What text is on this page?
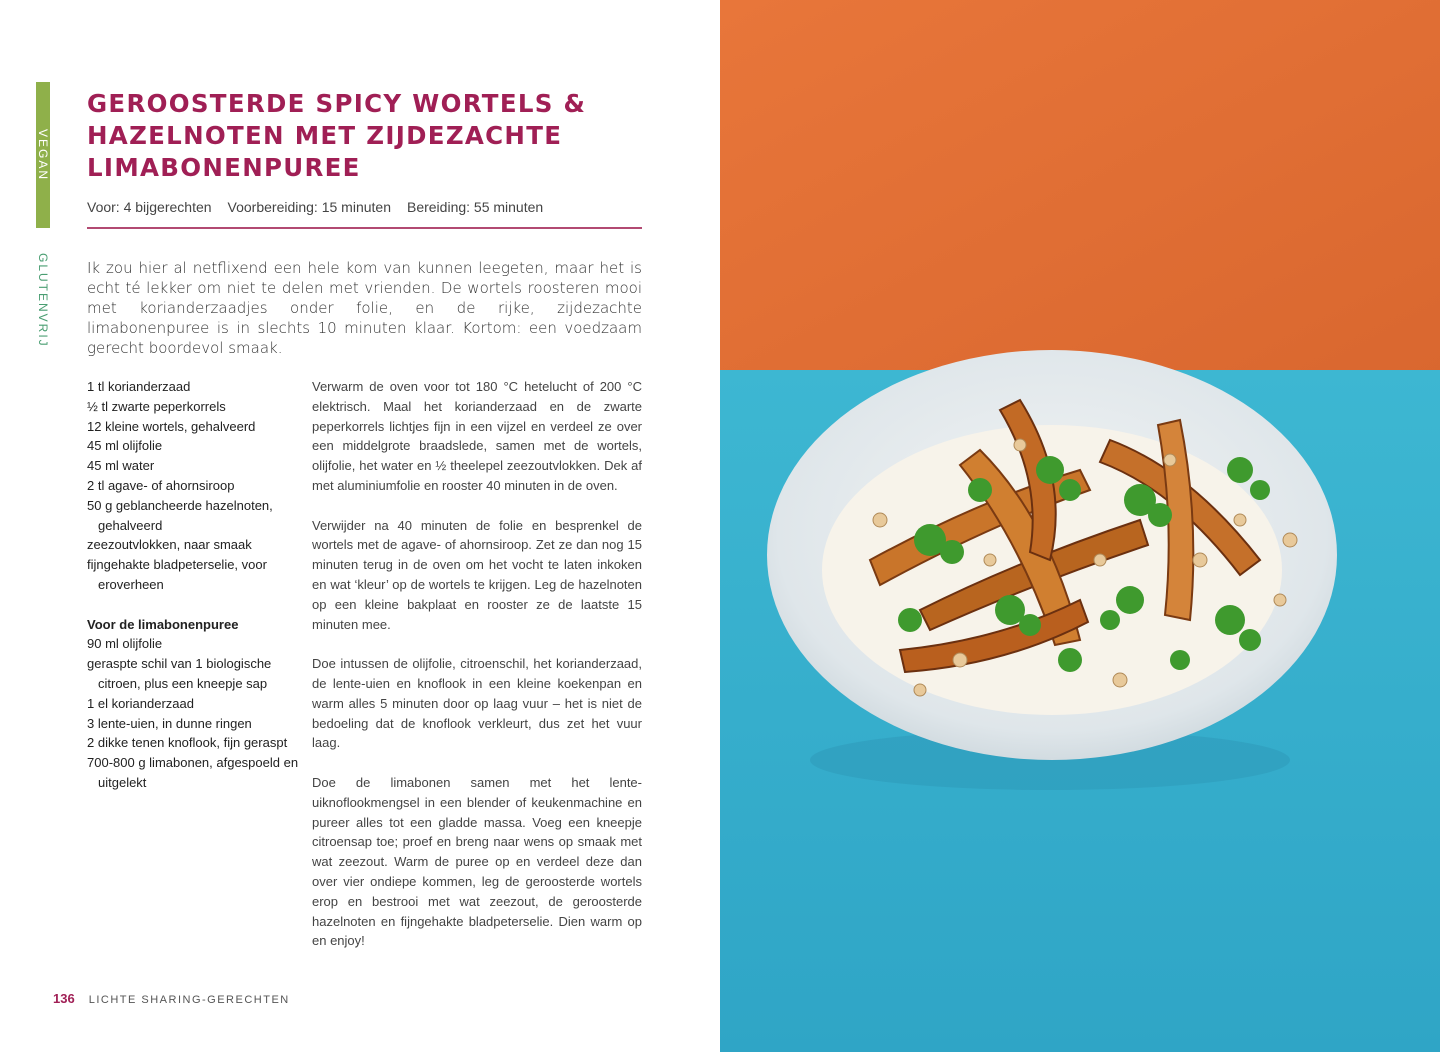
VEGAN
GLUTENVRIJ
GEROOSTERDE SPICY WORTELS & HAZELNOTEN MET ZIJDEZACHTE LIMABONENPUREE
Voor: 4 bijgerechten Voorbereiding: 15 minuten Bereiding: 55 minuten
Ik zou hier al netflixend een hele kom van kunnen leegeten, maar het is echt té lekker om niet te delen met vrienden. De wortels roosteren mooi met korianderzaadjes onder folie, en de rijke, zijdezachte limabonenpuree is in slechts 10 minuten klaar. Kortom: een voedzaam gerecht boordevol smaak.
1 tl korianderzaad
½ tl zwarte peperkorrels
12 kleine wortels, gehalveerd
45 ml olijfolie
45 ml water
2 tl agave- of ahornsiroop
50 g geblancheerde hazelnoten, gehalveerd
zeezoutvlokken, naar smaak
fijngehakte bladpeterselie, voor eroverheen
Voor de limabonenpuree
90 ml olijfolie
geraspte schil van 1 biologische citroen, plus een kneepje sap
1 el korianderzaad
3 lente-uien, in dunne ringen
2 dikke tenen knoflook, fijn geraspt
700-800 g limabonen, afgespoeld en uitgelekt

Verwarm de oven voor tot 180 °C hetelucht of 200 °C elektrisch. Maal het korianderzaad en de zwarte peperkorrels lichtjes fijn in een vijzel en verdeel ze over een middelgrote braadslede, samen met de wortels, olijfolie, het water en ½ theelepel zeezoutvlokken. Dek af met aluminiumfolie en rooster 40 minuten in de oven.

Verwijder na 40 minuten de folie en besprenkel de wortels met de agave- of ahornsiroop. Zet ze dan nog 15 minuten terug in de oven om het vocht te laten inkoken en wat ‘kleur’ op de wortels te krijgen. Leg de hazelnoten op een kleine bakplaat en rooster ze de laatste 15 minuten mee.

Doe intussen de olijfolie, citroenschil, het korianderzaad, de lente-uien en knoflook in een kleine koekenpan en warm alles 5 minuten door op laag vuur – het is niet de bedoeling dat de knoflook verkleurt, dus zet het vuur laag.

Doe de limabonen samen met het lente-uiknoflookmengsel in een blender of keukenmachine en pureer alles tot een gladde massa. Voeg een kneepje citroensap toe; proef en breng naar wens op smaak met wat zeezout. Warm de puree op en verdeel deze dan over vier ondiepe kommen, leg de geroosterde wortels erop en bestrooi met wat zeezout, de geroosterde hazelnoten en fijngehakte bladpeterselie. Dien warm op en enjoy!

136 LICHTE SHARING-GERECHTEN
